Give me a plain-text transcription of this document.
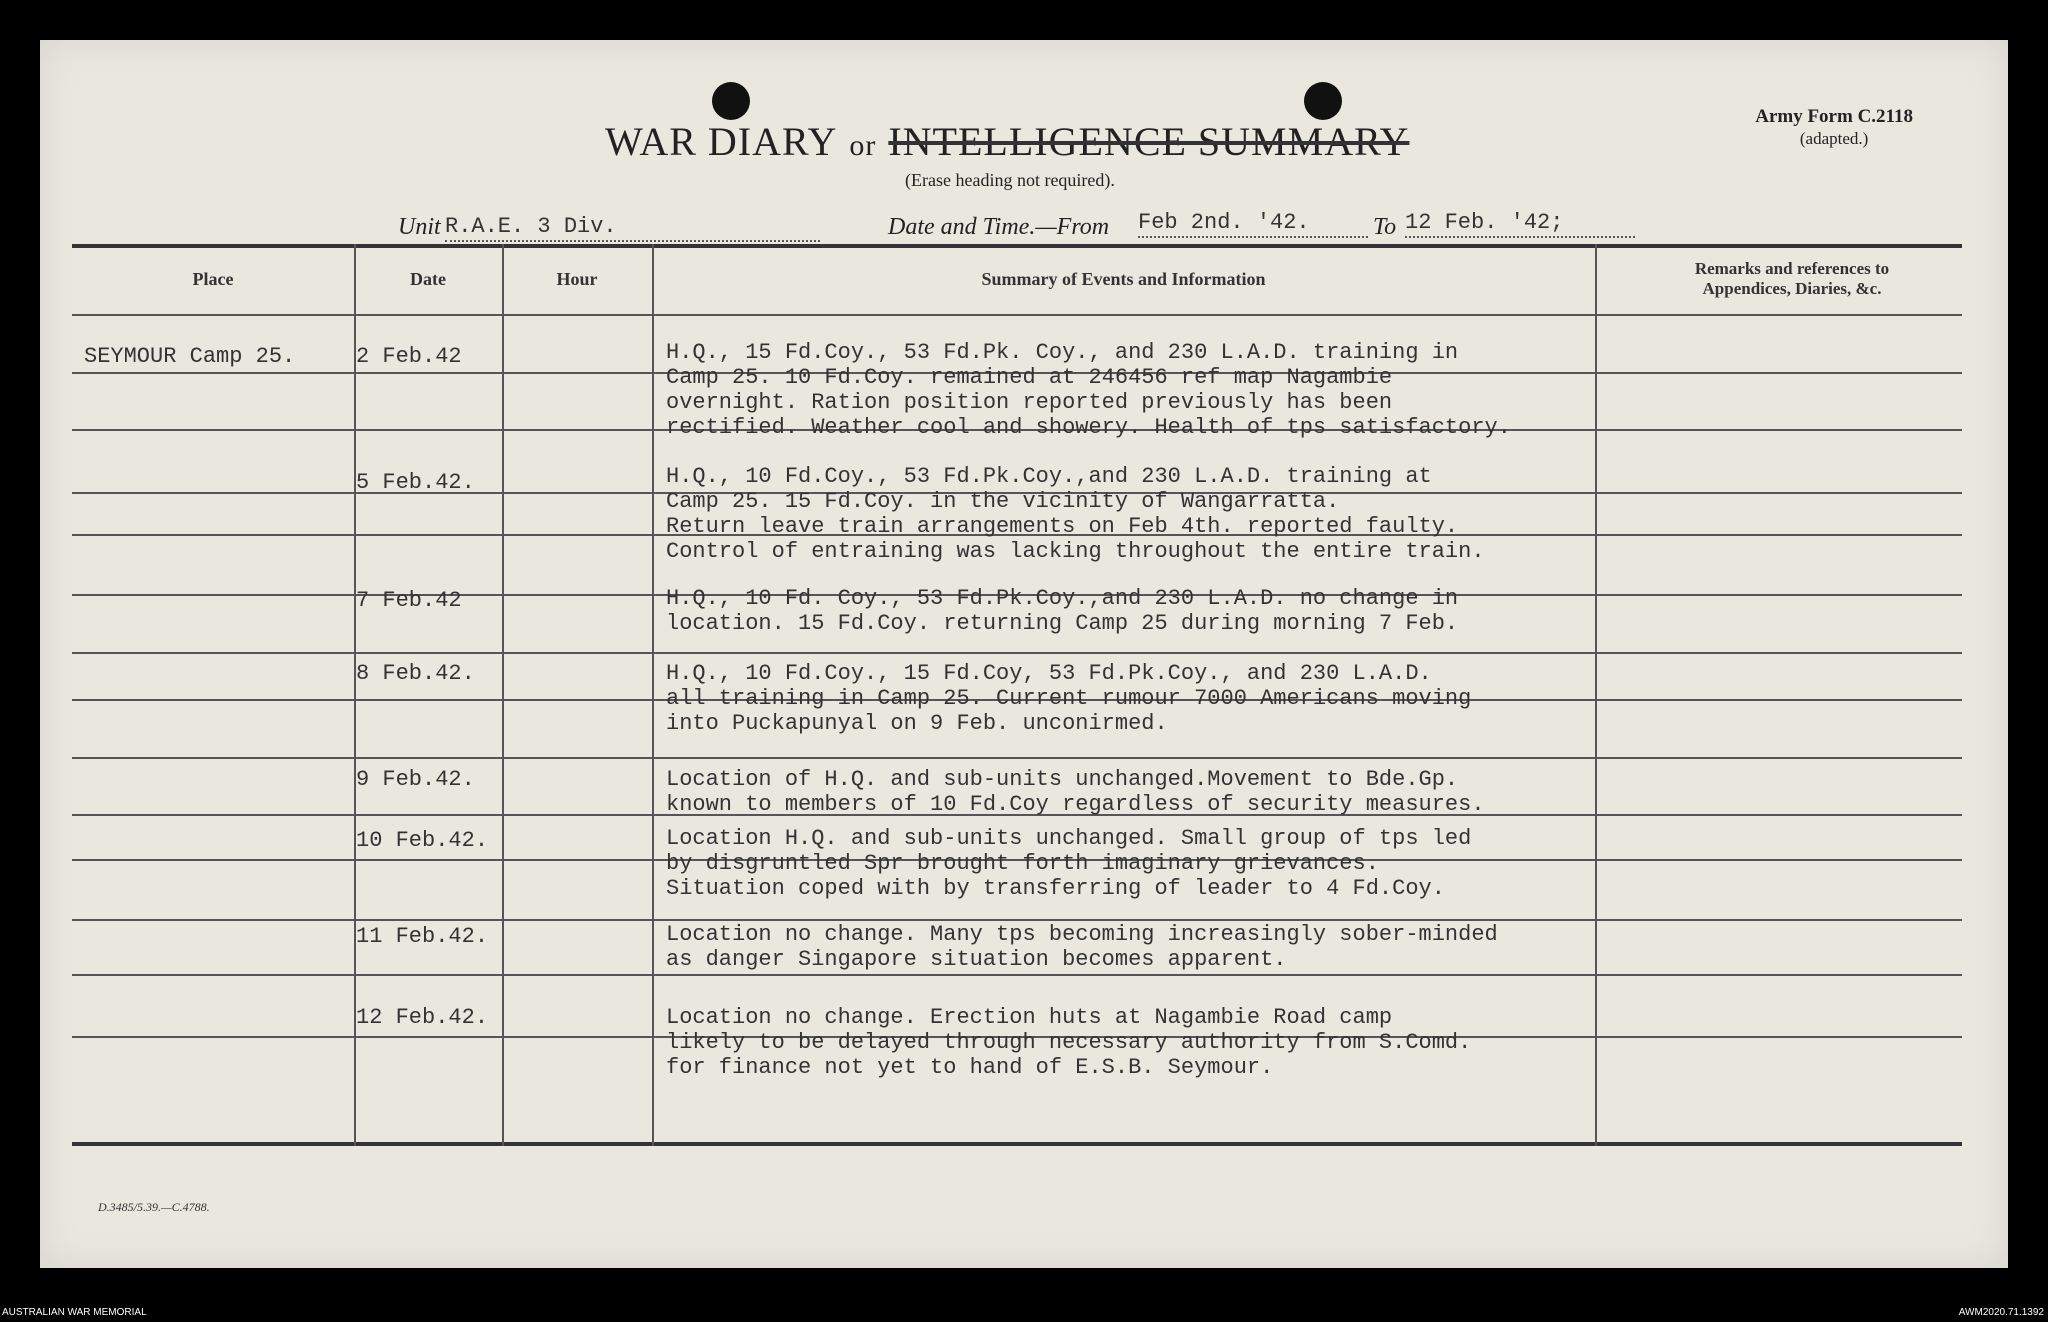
WAR DIARY or INTELLIGENCE SUMMARY
(Erase heading not required).
Army Form C.2118
(adapted.)
Unit R.A.E. 3 Div.	Date and Time.—From Feb 2nd. '42.	To 12 Feb. '42;
Place	Date	Hour	Summary of Events and Information	Remarks and references to Appendices, Diaries, &c.
SEYMOUR Camp 25.	2 Feb.42	H.Q., 15 Fd.Coy., 53 Fd.Pk. Coy., and 230 L.A.D. training in
Camp 25. 10 Fd.Coy. remained at 246456 ref map Nagambie
overnight. Ration position reported previously has been
rectified. Weather cool and showery. Health of tps satisfactory.
5 Feb.42.	H.Q., 10 Fd.Coy., 53 Fd.Pk.Coy.,and 230 L.A.D. training at
Camp 25. 15 Fd.Coy. in the vicinity of Wangarratta.
Return leave train arrangements on Feb 4th. reported faulty.
Control of entraining was lacking throughout the entire train.
7 Feb.42	H.Q., 10 Fd. Coy., 53 Fd.Pk.Coy.,and 230 L.A.D. no change in
location. 15 Fd.Coy. returning Camp 25 during morning 7 Feb.
8 Feb.42.	H.Q., 10 Fd.Coy., 15 Fd.Coy, 53 Fd.Pk.Coy., and 230 L.A.D.
all training in Camp 25. Current rumour 7000 Americans moving
into Puckapunyal on 9 Feb. unconirmed.
9 Feb.42.	Location of H.Q. and sub-units unchanged.Movement to Bde.Gp.
known to members of 10 Fd.Coy regardless of security measures.
10 Feb.42.	Location H.Q. and sub-units unchanged. Small group of tps led
by disgruntled Spr brought forth imaginary grievances.
Situation coped with by transferring of leader to 4 Fd.Coy.
11 Feb.42.	Location no change. Many tps becoming increasingly sober-minded
as danger Singapore situation becomes apparent.
12 Feb.42.	Location no change. Erection huts at Nagambie Road camp
likely to be delayed through necessary authority from S.Comd.
for finance not yet to hand of E.S.B. Seymour.
D.3485/5.39.—C.4788.
AUSTRALIAN WAR MEMORIAL	AWM2020.71.1392
